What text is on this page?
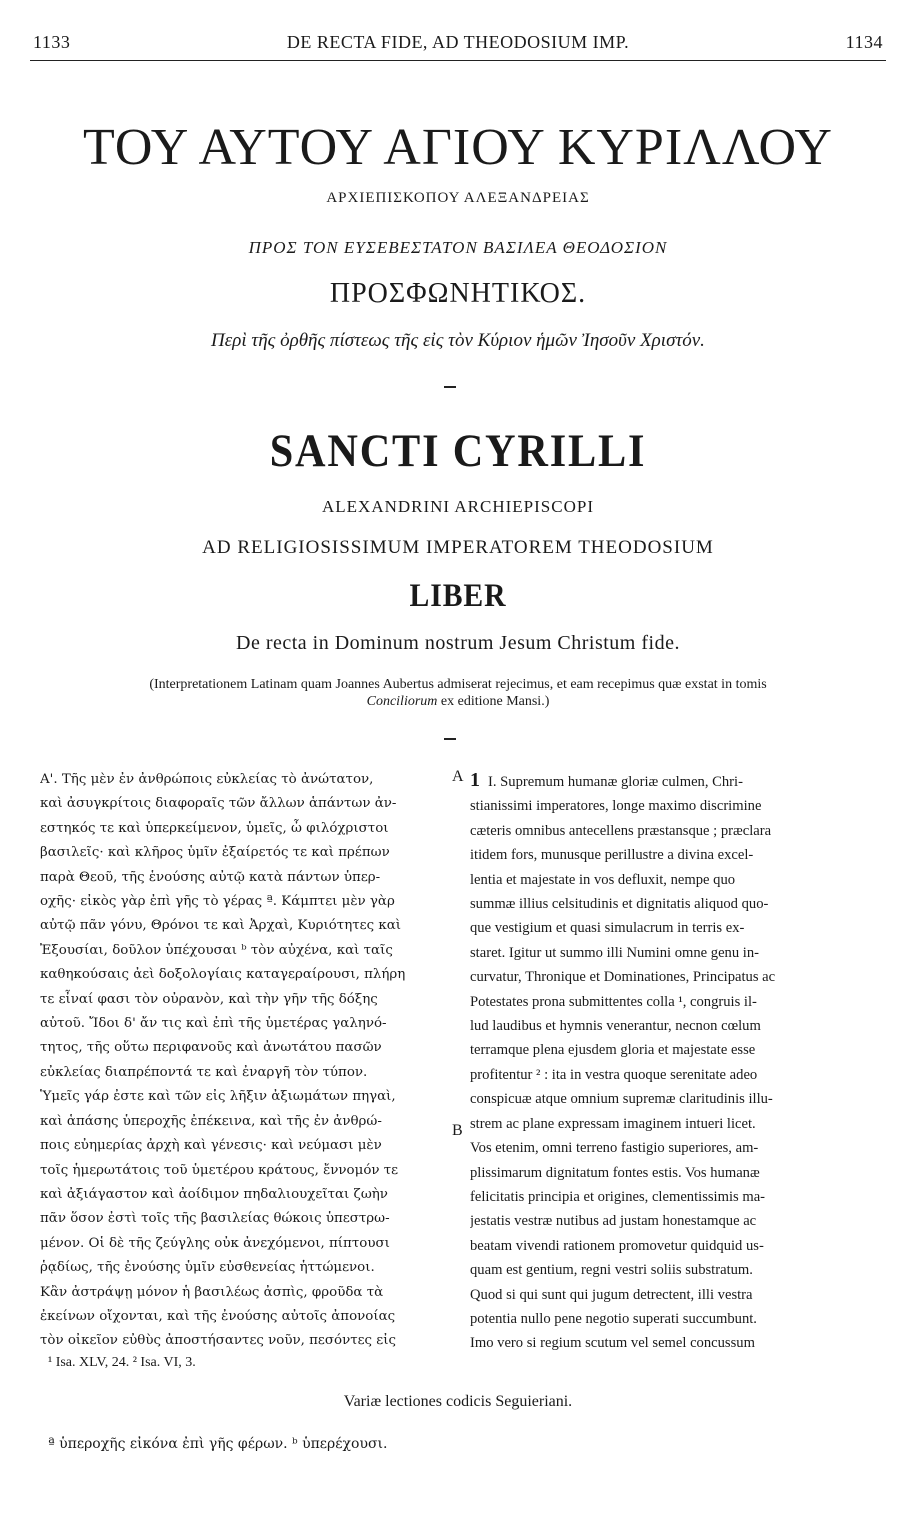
1133	DE RECTA FIDE, AD THEODOSIUM IMP.	1134
ΤΟΥ ΑΥΤΟΥ ΑΓΙΟΥ ΚΥΡΙΛΛΟΥ
ΑΡΧΙΕΠΙΣΚΟΠΟΥ ΑΛΕΞΑΝΔΡΕΙΑΣ
ΠΡΟΣ ΤΟΝ ΕΥΣΕΒΕΣΤΑΤΟΝ ΒΑΣΙΛΕΑ ΘΕΟΔΟΣΙΟΝ
ΠΡΟΣΦΩΝΗΤΙΚΟΣ.
Περὶ τῆς ὀρθῆς πίστεως τῆς εἰς τὸν Κύριον ἡμῶν Ἰησοῦν Χριστόν.
SANCTI CYRILLI
ALEXANDRINI ARCHIEPISCOPI
AD RELIGIOSISSIMUM IMPERATOREM THEODOSIUM
LIBER
De recta in Dominum nostrum Jesum Christum fide.
(Interpretationem Latinam quam Joannes Aubertus admiserat rejecimus, et eam recepimus quæ exstat in tomis
Conciliorum ex editione Mansi.)
Α'. Τῆς μὲν ἐν ἀνθρώποις εὐκλείας τὸ ἀνώτατον,
καὶ ἀσυγκρίτοις διαφοραῖς τῶν ἄλλων ἁπάντων ἀν-
εστηκός τε καὶ ὑπερκείμενον, ὑμεῖς, ὦ φιλόχριστοι
βασιλεῖς· καὶ κλῆρος ὑμῖν ἐξαίρετός τε καὶ πρέπων
παρὰ Θεοῦ, τῆς ἑνούσης αὐτῷ κατὰ πάντων ὑπερ-
οχῆς· εἰκὸς γὰρ ἐπὶ γῆς τὸ γέρας ª. Κάμπτει μὲν γὰρ
αὐτῷ πᾶν γόνυ, Θρόνοι τε καὶ Ἀρχαὶ, Κυριότητες καὶ
Ἐξουσίαι, δοῦλον ὑπέχουσαι ᵇ τὸν αὐχένα, καὶ ταῖς
καθηκούσαις ἀεὶ δοξολογίαις καταγεραίρουσι, πλήρη
τε εἶναί φασι τὸν οὐρανὸν, καὶ τὴν γῆν τῆς δόξης
αὐτοῦ. Ἴδοι δ' ἄν τις καὶ ἐπὶ τῆς ὑμετέρας γαληνό-
τητος, τῆς οὕτω περιφανοῦς καὶ ἀνωτάτου πασῶν
εὐκλείας διαπρέποντά τε καὶ ἐναργῆ τὸν τύπον.
Ὑμεῖς γάρ ἐστε καὶ τῶν εἰς λῆξιν ἀξιωμάτων πηγαὶ,
καὶ ἁπάσης ὑπεροχῆς ἐπέκεινα, καὶ τῆς ἐν ἀνθρώ-
ποις εὐημερίας ἀρχὴ καὶ γένεσις· καὶ νεύμασι μὲν
τοῖς ἡμερωτάτοις τοῦ ὑμετέρου κράτους, ἔννομόν τε
καὶ ἀξιάγαστον καὶ ἀοίδιμον πηδαλιουχεῖται ζωὴν
πᾶν ὅσον ἐστὶ τοῖς τῆς βασιλείας θώκοις ὑπεστρω-
μένον. Οἱ δὲ τῆς ζεύγλης οὐκ ἀνεχόμενοι, πίπτουσι
ῥᾳδίως, τῆς ἐνούσης ὑμῖν εὐσθενείας ἡττώμενοι.
Κἂν ἀστράψῃ μόνον ἡ βασιλέως ἀσπὶς, φροῦδα τὰ
ἐκείνων οἴχονται, καὶ τῆς ἐνούσης αὐτοῖς ἀπονοίας
τὸν οἰκεῖον εὐθὺς ἀποστήσαντες νοῦν, πεσόντες εἰς
A
B
1 I. Supremum humanæ gloriæ culmen, Chri-
stianissimi imperatores, longe maximo discrimine
cæteris omnibus antecellens præstansque ; præclara
itidem fors, munusque perillustre a divina excel-
lentia et majestate in vos defluxit, nempe quo
summæ illius celsitudinis et dignitatis aliquod quo-
que vestigium et quasi simulacrum in terris ex-
staret. Igitur ut summo illi Numini omne genu in-
curvatur, Thronique et Dominationes, Principatus ac
Potestates prona submittentes colla ¹, congruis il-
lud laudibus et hymnis venerantur, necnon cœlum
terramque plena ejusdem gloria et majestate esse
profitentur ² : ita in vestra quoque serenitate adeo
conspicuæ atque omnium supremæ claritudinis illu-
strem ac plane expressam imaginem intueri licet.
Vos etenim, omni terreno fastigio superiores, am-
plissimarum dignitatum fontes estis. Vos humanæ
felicitatis principia et origines, clementissimis ma-
jestatis vestræ nutibus ad justam honestamque ac
beatam vivendi rationem promovetur quidquid us-
quam est gentium, regni vestri soliis substratum.
Quod si qui sunt qui jugum detrectent, illi vestra
potentia nullo pene negotio superati succumbunt.
Imo vero si regium scutum vel semel concussum
¹ Isa. XLV, 24. ² Isa. VI, 3.
Variæ lectiones codicis Seguieriani.
ª ὑπεροχῆς εἰκόνα ἐπὶ γῆς φέρων. ᵇ ὑπερέχουσι.
